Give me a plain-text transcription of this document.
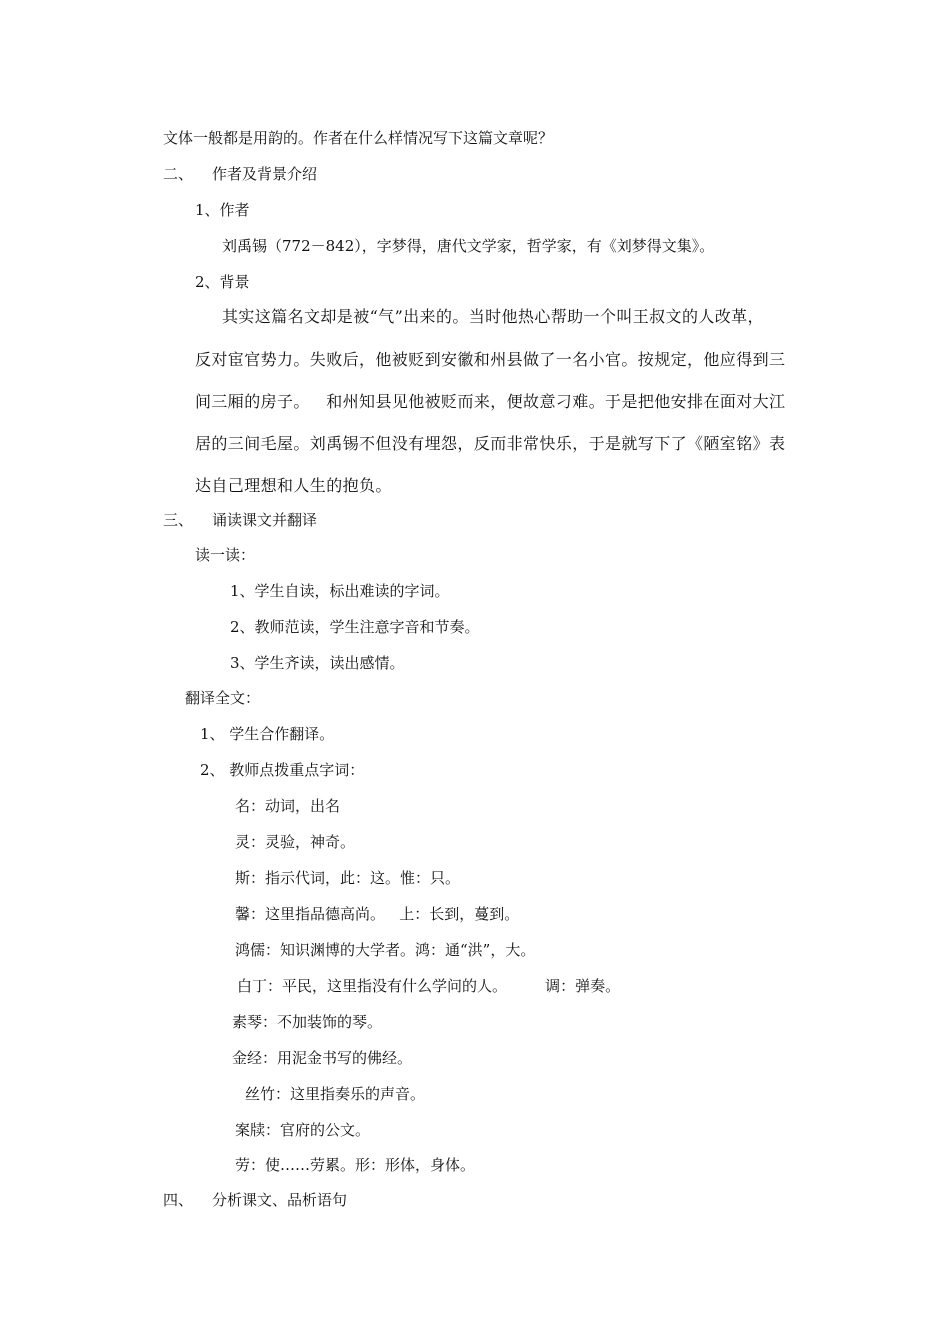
文体一般都是用韵的。作者在什么样情况写下这篇文章呢？

二、 作者及背景介绍

1、作者

刘禹锡（772－842），字梦得，唐代文学家，哲学家，有《刘梦得文集》。

2、背景

其实这篇名文却是被“气”出来的。当时他热心帮助一个叫王叔文的人改革，

反对宦官势力。失败后，他被贬到安徽和州县做了一名小官。按规定，他应得到三

间三厢的房子。   和州知县见他被贬而来，便故意刁难。于是把他安排在面对大江

居的三间毛屋。刘禹锡不但没有埋怨，反而非常快乐，于是就写下了《陋室铭》表

达自己理想和人生的抱负。

三、 诵读课文并翻译

读一读：

1、学生自读，标出难读的字词。

2、教师范读，学生注意字音和节奏。

3、学生齐读，读出感情。

翻译全文：

1、 学生合作翻译。

2、 教师点拨重点字词：

名：动词，出名

灵：灵验，神奇。

斯：指示代词，此：这。惟：只。

馨：这里指品德高尚。   上：长到，蔓到。

鸿儒：知识渊博的大学者。鸿：通“洪”，大。

白丁：平民，这里指没有什么学问的人。        调：弹奏。

素琴：不加装饰的琴。

金经：用泥金书写的佛经。

丝竹：这里指奏乐的声音。

案牍：官府的公文。

劳：使……劳累。形：形体，身体。

四、 分析课文、品析语句
